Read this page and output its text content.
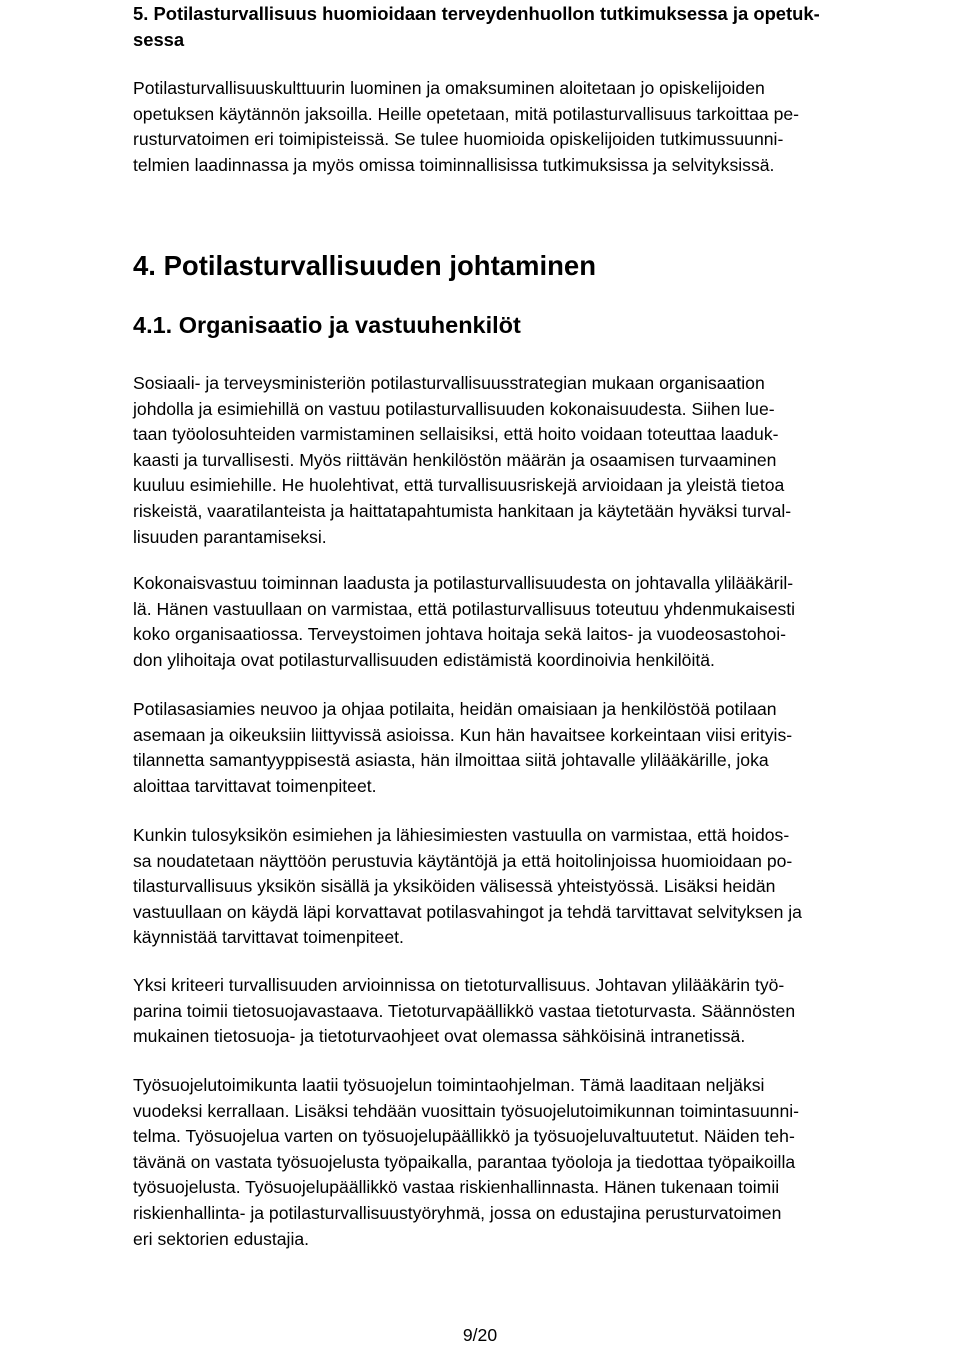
5. Potilasturvallisuus huomioidaan terveydenhuollon tutkimuksessa ja opetuk-
sessa

Potilasturvallisuuskulttuurin luominen ja omaksuminen aloitetaan jo opiskelijoiden
opetuksen käytännön jaksoilla. Heille opetetaan, mitä potilasturvallisuus tarkoittaa pe-
rusturvatoimen eri toimipisteissä. Se tulee huomioida opiskelijoiden tutkimussuunni-
telmien laadinnassa ja myös omissa toiminnallisissa tutkimuksissa ja selvityksissä.

4. Potilasturvallisuuden johtaminen
4.1. Organisaatio ja vastuuhenkilöt

Sosiaali- ja terveysministeriön potilasturvallisuusstrategian mukaan organisaation
johdolla ja esimiehillä on vastuu potilasturvallisuuden kokonaisuudesta. Siihen lue-
taan työolosuhteiden varmistaminen sellaisiksi, että hoito voidaan toteuttaa laaduk-
kaasti ja turvallisesti. Myös riittävän henkilöstön määrän ja osaamisen turvaaminen
kuuluu esimiehille. He huolehtivat, että turvallisuusriskejä arvioidaan ja yleistä tietoa
riskeistä, vaaratilanteista ja haittatapahtumista hankitaan ja käytetään hyväksi turval-
lisuuden parantamiseksi.

Kokonaisvastuu toiminnan laadusta ja potilasturvallisuudesta on johtavalla ylilääkäril-
lä. Hänen vastuullaan on varmistaa, että potilasturvallisuus toteutuu yhdenmukaisesti
koko organisaatiossa. Terveystoimen johtava hoitaja sekä laitos- ja vuodeosastohoi-
don ylihoitaja ovat potilasturvallisuuden edistämistä koordinoivia henkilöitä.

Potilasasiamies neuvoo ja ohjaa potilaita, heidän omaisiaan ja henkilöstöä potilaan
asemaan ja oikeuksiin liittyvissä asioissa. Kun hän havaitsee korkeintaan viisi erityis-
tilannetta samantyyppisestä asiasta, hän ilmoittaa siitä johtavalle ylilääkärille, joka
aloittaa tarvittavat toimenpiteet.

Kunkin tulosyksikön esimiehen ja lähiesimiesten vastuulla on varmistaa, että hoidos-
sa noudatetaan näyttöön perustuvia käytäntöjä ja että hoitolinjoissa huomioidaan po-
tilasturvallisuus yksikön sisällä ja yksiköiden välisessä yhteistyössä. Lisäksi heidän
vastuullaan on käydä läpi korvattavat potilasvahingot ja tehdä tarvittavat selvityksen ja
käynnistää tarvittavat toimenpiteet.

Yksi kriteeri turvallisuuden arvioinnissa on tietoturvallisuus. Johtavan ylilääkärin työ-
parina toimii tietosuojavastaava. Tietoturvapäällikkö vastaa tietoturvasta. Säännösten
mukainen tietosuoja- ja tietoturvaohjeet ovat olemassa sähköisinä intranetissä.

Työsuojelutoimikunta laatii työsuojelun toimintaohjelman. Tämä laaditaan neljäksi
vuodeksi kerrallaan. Lisäksi tehdään vuosittain työsuojelutoimikunnan toimintasuunni-
telma. Työsuojelua varten on työsuojelupäällikkö ja työsuojeluvaltuutetut. Näiden teh-
tävänä on vastata työsuojelusta työpaikalla, parantaa työoloja ja tiedottaa työpaikoilla
työsuojelusta. Työsuojelupäällikkö vastaa riskienhallinnasta. Hänen tukenaan toimii
riskienhallinta- ja potilasturvallisuustyöryhmä, jossa on edustajina perusturvatoimen
eri sektorien edustajia.

9/20
